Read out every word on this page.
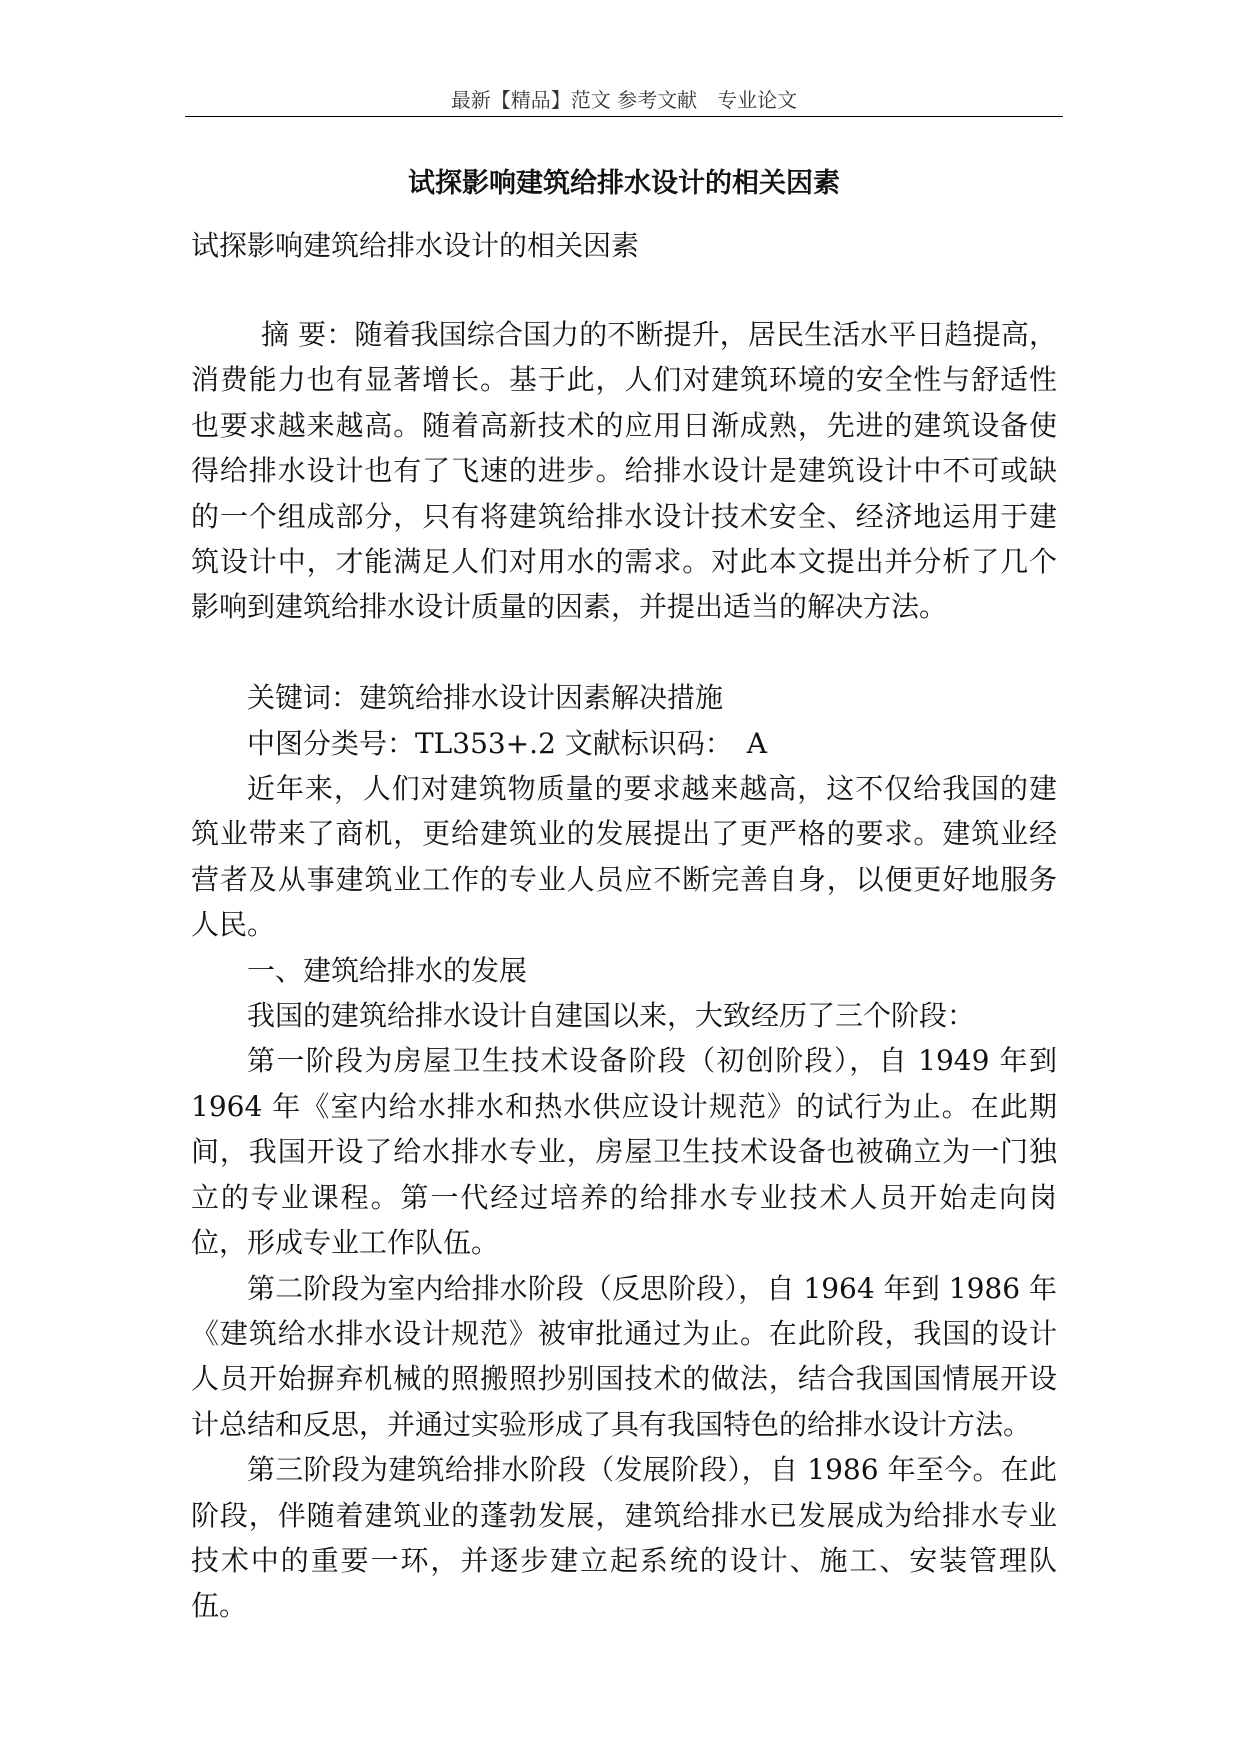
最新【精品】范文 参考文献　专业论文
试探影响建筑给排水设计的相关因素
试探影响建筑给排水设计的相关因素

摘 要：随着我国综合国力的不断提升，居民生活水平日趋提高，消费能力也有显著增长。基于此，人们对建筑环境的安全性与舒适性也要求越来越高。随着高新技术的应用日渐成熟，先进的建筑设备使得给排水设计也有了飞速的进步。给排水设计是建筑设计中不可或缺的一个组成部分，只有将建筑给排水设计技术安全、经济地运用于建筑设计中，才能满足人们对用水的需求。对此本文提出并分析了几个影响到建筑给排水设计质量的因素，并提出适当的解决方法。

关键词：建筑给排水设计因素解决措施

中图分类号：TL353+.2 文献标识码：　A

近年来，人们对建筑物质量的要求越来越高，这不仅给我国的建筑业带来了商机，更给建筑业的发展提出了更严格的要求。建筑业经营者及从事建筑业工作的专业人员应不断完善自身，以便更好地服务人民。

一、建筑给排水的发展

我国的建筑给排水设计自建国以来，大致经历了三个阶段：

第一阶段为房屋卫生技术设备阶段（初创阶段），自 1949 年到 1964 年《室内给水排水和热水供应设计规范》的试行为止。在此期间，我国开设了给水排水专业，房屋卫生技术设备也被确立为一门独立的专业课程。第一代经过培养的给排水专业技术人员开始走向岗位，形成专业工作队伍。

第二阶段为室内给排水阶段（反思阶段），自 1964 年到 1986 年《建筑给水排水设计规范》被审批通过为止。在此阶段，我国的设计人员开始摒弃机械的照搬照抄别国技术的做法，结合我国国情展开设计总结和反思，并通过实验形成了具有我国特色的给排水设计方法。

第三阶段为建筑给排水阶段（发展阶段），自 1986 年至今。在此阶段，伴随着建筑业的蓬勃发展，建筑给排水已发展成为给排水专业技术中的重要一环，并逐步建立起系统的设计、施工、安装管理队伍。
